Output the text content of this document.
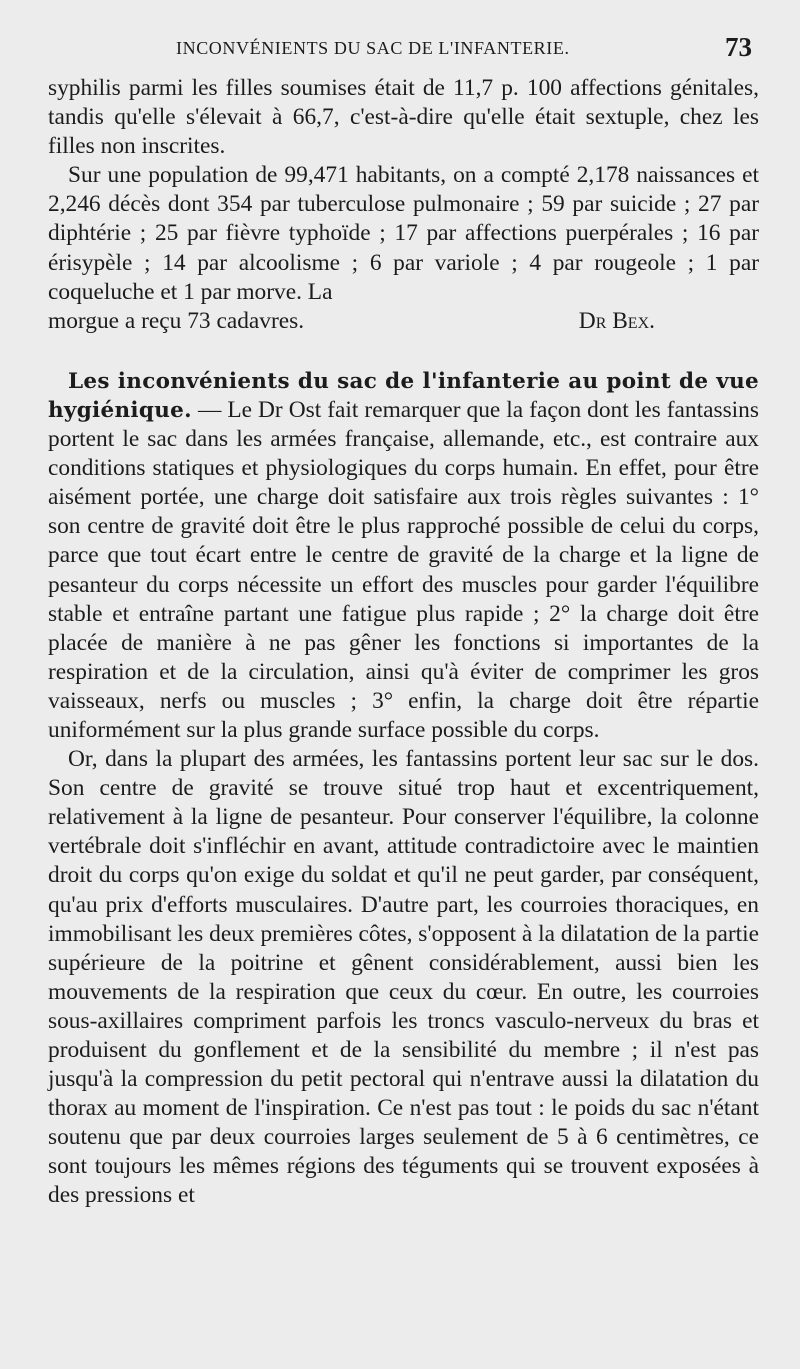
INCONVÉNIENTS DU SAC DE L'INFANTERIE.	73

syphilis parmi les filles soumises était de 11,7 p. 100 affections génitales, tandis qu'elle s'élevait à 66,7, c'est-à-dire qu'elle était sextuple, chez les filles non inscrites.

Sur une population de 99,471 habitants, on a compté 2,178 naissances et 2,246 décès dont 354 par tuberculose pulmonaire ; 59 par suicide ; 27 par diphtérie ; 25 par fièvre typhoïde ; 17 par affections puerpérales ; 16 par érisypèle ; 14 par alcoolisme ; 6 par variole ; 4 par rougeole ; 1 par coqueluche et 1 par morve. La

morgue a reçu 73 cadavres.	Dr Bex.

Les inconvénients du sac de l'infanterie au point de vue hygiénique. — Le Dr Ost fait remarquer que la façon dont les fantassins portent le sac dans les armées française, allemande, etc., est contraire aux conditions statiques et physiologiques du corps humain. En effet, pour être aisément portée, une charge doit satisfaire aux trois règles suivantes : 1° son centre de gravité doit être le plus rapproché possible de celui du corps, parce que tout écart entre le centre de gravité de la charge et la ligne de pesanteur du corps nécessite un effort des muscles pour garder l'équilibre stable et entraîne partant une fatigue plus rapide ; 2° la charge doit être placée de manière à ne pas gêner les fonctions si importantes de la respiration et de la circulation, ainsi qu'à éviter de comprimer les gros vaisseaux, nerfs ou muscles ; 3° enfin, la charge doit être répartie uniformément sur la plus grande surface possible du corps.

Or, dans la plupart des armées, les fantassins portent leur sac sur le dos. Son centre de gravité se trouve situé trop haut et excentriquement, relativement à la ligne de pesanteur. Pour conserver l'équilibre, la colonne vertébrale doit s'infléchir en avant, attitude contradictoire avec le maintien droit du corps qu'on exige du soldat et qu'il ne peut garder, par conséquent, qu'au prix d'efforts musculaires. D'autre part, les courroies thoraciques, en immobilisant les deux premières côtes, s'opposent à la dilatation de la partie supérieure de la poitrine et gênent considérablement, aussi bien les mouvements de la respiration que ceux du cœur. En outre, les courroies sous-axillaires compriment parfois les troncs vasculo-nerveux du bras et produisent du gonflement et de la sensibilité du membre ; il n'est pas jusqu'à la compression du petit pectoral qui n'entrave aussi la dilatation du thorax au moment de l'inspiration. Ce n'est pas tout : le poids du sac n'étant soutenu que par deux courroies larges seulement de 5 à 6 centimètres, ce sont toujours les mêmes régions des téguments qui se trouvent exposées à des pressions et
